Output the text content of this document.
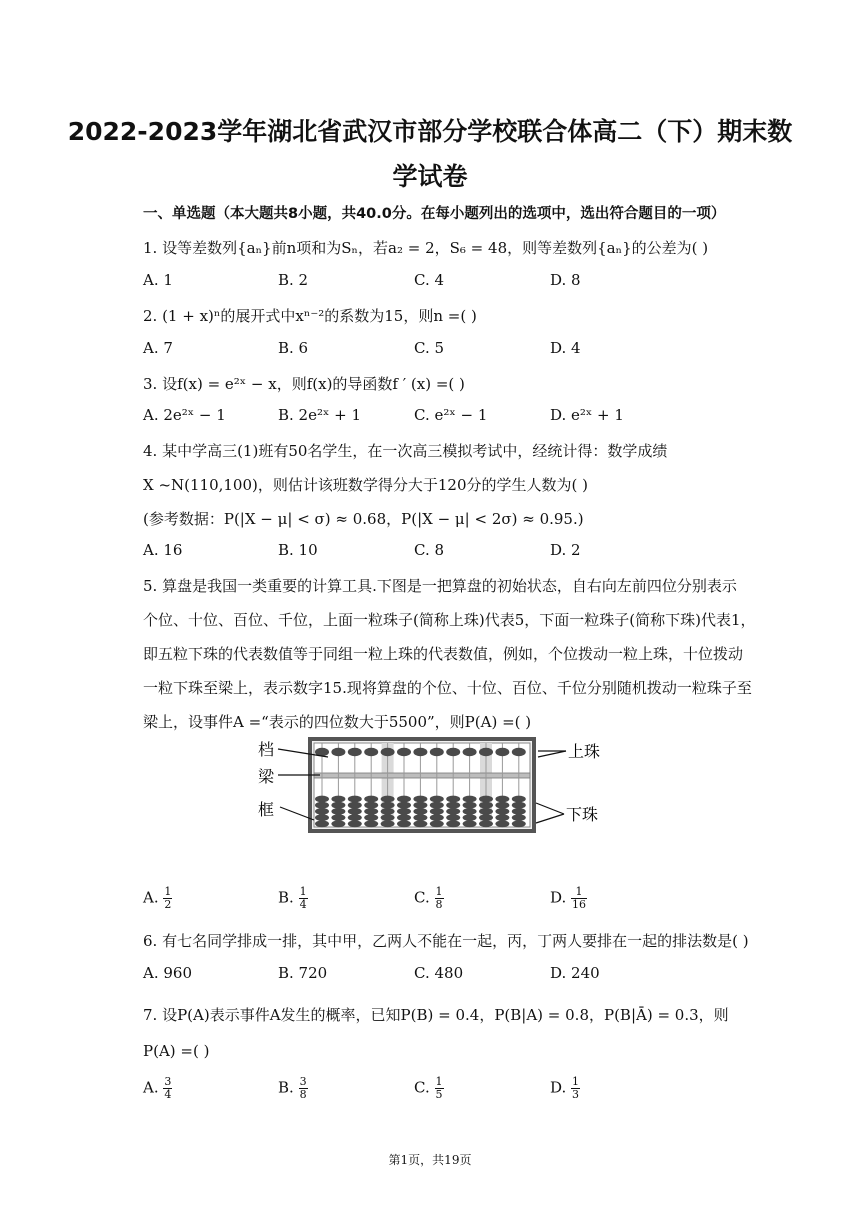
2022-2023学年湖北省武汉市部分学校联合体高二（下）期末数
学试卷
一、单选题（本大题共8小题，共40.0分。在每小题列出的选项中，选出符合题目的一项）
1. 设等差数列{aₙ}前n项和为Sₙ，若a₂ = 2，S₆ = 48，则等差数列{aₙ}的公差为( )
A. 1	B. 2	C. 4	D. 8
2. (1 + x)ⁿ的展开式中xⁿ⁻²的系数为15，则n =( )
A. 7	B. 6	C. 5	D. 4
3. 设f(x) = e²ˣ − x，则f(x)的导函数f ′ (x) =( )
A. 2e²ˣ − 1	B. 2e²ˣ + 1	C. e²ˣ − 1	D. e²ˣ + 1
4. 某中学高三(1)班有50名学生，在一次高三模拟考试中，经统计得：数学成绩
X ~N(110,100)，则估计该班数学得分大于120分的学生人数为( )
(参考数据：P(|X − μ| < σ) ≈ 0.68，P(|X − μ| < 2σ) ≈ 0.95.)
A. 16	B. 10	C. 8	D. 2
5. 算盘是我国一类重要的计算工具.下图是一把算盘的初始状态，自右向左前四位分别表示
个位、十位、百位、千位，上面一粒珠子(简称上珠)代表5，下面一粒珠子(简称下珠)代表1，
即五粒下珠的代表数值等于同组一粒上珠的代表数值，例如，个位拨动一粒上珠，十位拨动
一粒下珠至梁上，表示数字15.现将算盘的个位、十位、百位、千位分别随机拨动一粒珠子至
梁上，设事件A =“表示的四位数大于5500”，则P(A) =( )
档
梁
框
上珠
下珠
A. $\frac{1}{2}$	B. $\frac{1}{4}$	C. $\frac{1}{8}$	D. $\frac{1}{16}$
6. 有七名同学排成一排，其中甲，乙两人不能在一起，丙，丁两人要排在一起的排法数是( )
A. 960	B. 720	C. 480	D. 240
7. 设P(A)表示事件A发生的概率，已知P(B) = 0.4，P(B|A) = 0.8，P(B|Ā) = 0.3，则
P(A) =( )
A. $\frac{3}{4}$	B. $\frac{3}{8}$	C. $\frac{1}{5}$	D. $\frac{1}{3}$
第1页，共19页
